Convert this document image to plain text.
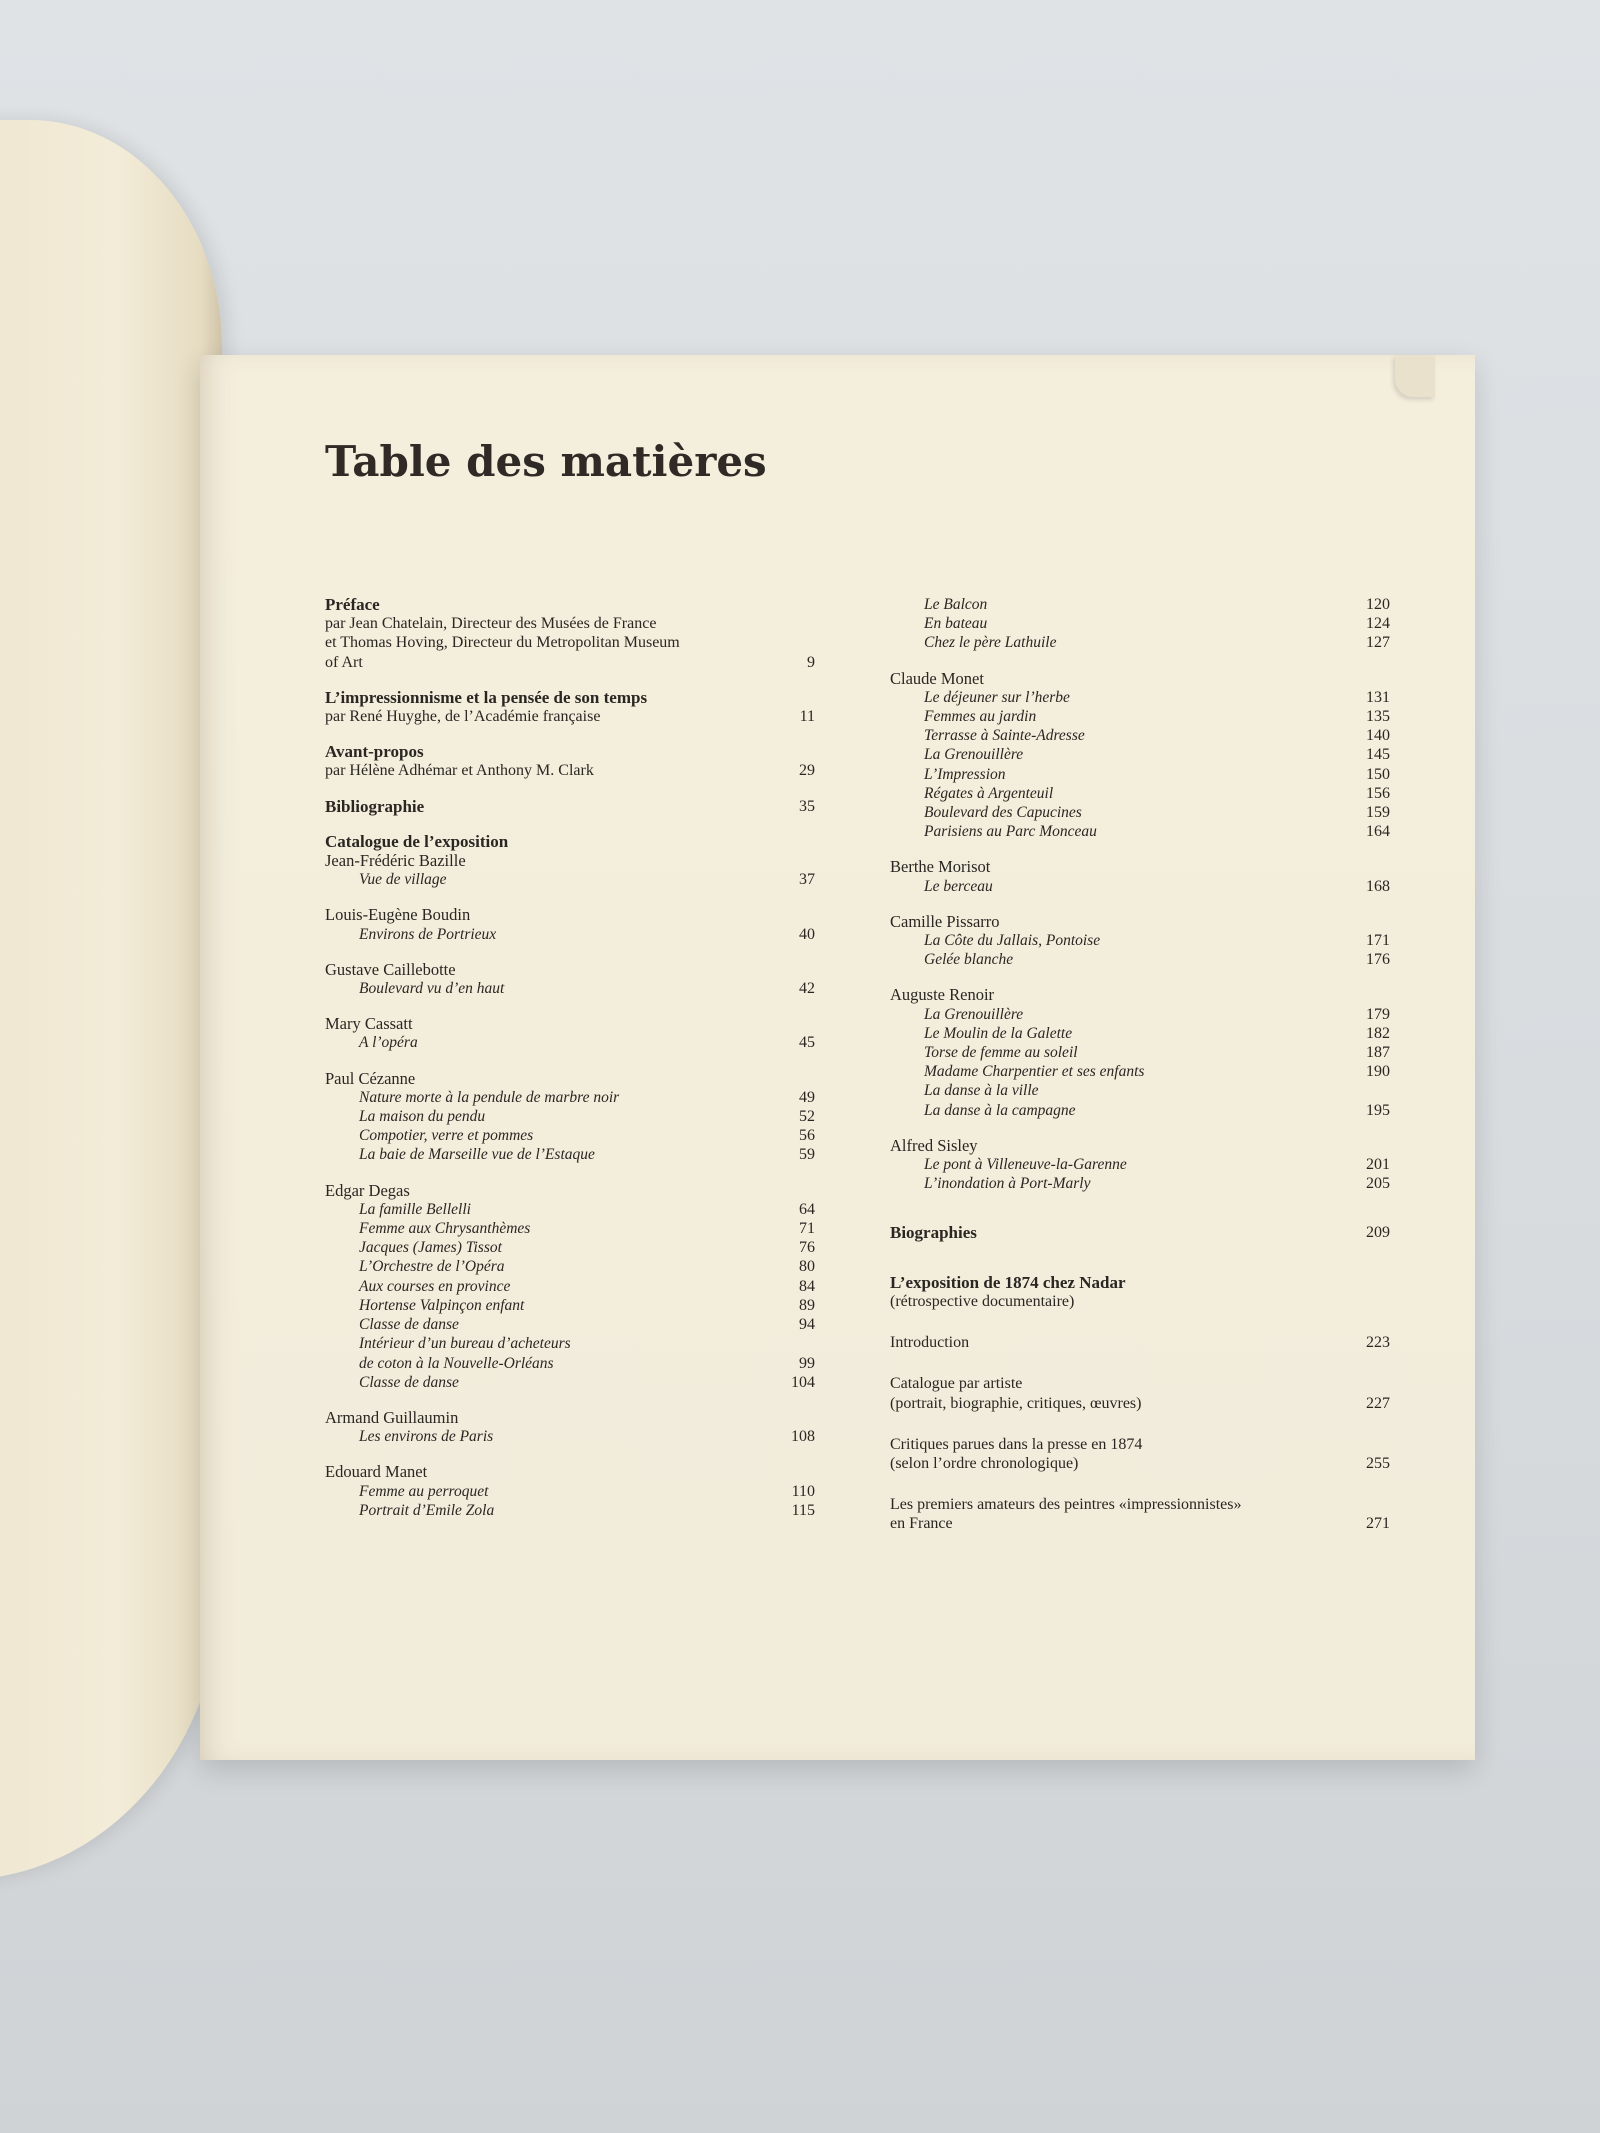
Table des matières
Préface
par Jean Chatelain, Directeur des Musées de France
et Thomas Hoving, Directeur du Metropolitan Museum
of Art	9
L’impressionnisme et la pensée de son temps
par René Huyghe, de l’Académie française	11
Avant-propos
par Hélène Adhémar et Anthony M. Clark	29
Bibliographie	35
Catalogue de l’exposition
Jean-Frédéric Bazille
Vue de village	37
Louis-Eugène Boudin
Environs de Portrieux	40
Gustave Caillebotte
Boulevard vu d’en haut	42
Mary Cassatt
A l’opéra	45
Paul Cézanne
Nature morte à la pendule de marbre noir	49
La maison du pendu	52
Compotier, verre et pommes	56
La baie de Marseille vue de l’Estaque	59
Edgar Degas
La famille Bellelli	64
Femme aux Chrysanthèmes	71
Jacques (James) Tissot	76
L’Orchestre de l’Opéra	80
Aux courses en province	84
Hortense Valpinçon enfant	89
Classe de danse	94
Intérieur d’un bureau d’acheteurs
de coton à la Nouvelle-Orléans	99
Classe de danse	104
Armand Guillaumin
Les environs de Paris	108
Edouard Manet
Femme au perroquet	110
Portrait d’Emile Zola	115
Le Balcon	120
En bateau	124
Chez le père Lathuile	127
Claude Monet
Le déjeuner sur l’herbe	131
Femmes au jardin	135
Terrasse à Sainte-Adresse	140
La Grenouillère	145
L’Impression	150
Régates à Argenteuil	156
Boulevard des Capucines	159
Parisiens au Parc Monceau	164
Berthe Morisot
Le berceau	168
Camille Pissarro
La Côte du Jallais, Pontoise	171
Gelée blanche	176
Auguste Renoir
La Grenouillère	179
Le Moulin de la Galette	182
Torse de femme au soleil	187
Madame Charpentier et ses enfants	190
La danse à la ville
La danse à la campagne	195
Alfred Sisley
Le pont à Villeneuve-la-Garenne	201
L’inondation à Port-Marly	205
Biographies	209
L’exposition de 1874 chez Nadar
(rétrospective documentaire)
Introduction	223
Catalogue par artiste
(portrait, biographie, critiques, œuvres)	227
Critiques parues dans la presse en 1874
(selon l’ordre chronologique)	255
Les premiers amateurs des peintres «impressionnistes»
en France	271
